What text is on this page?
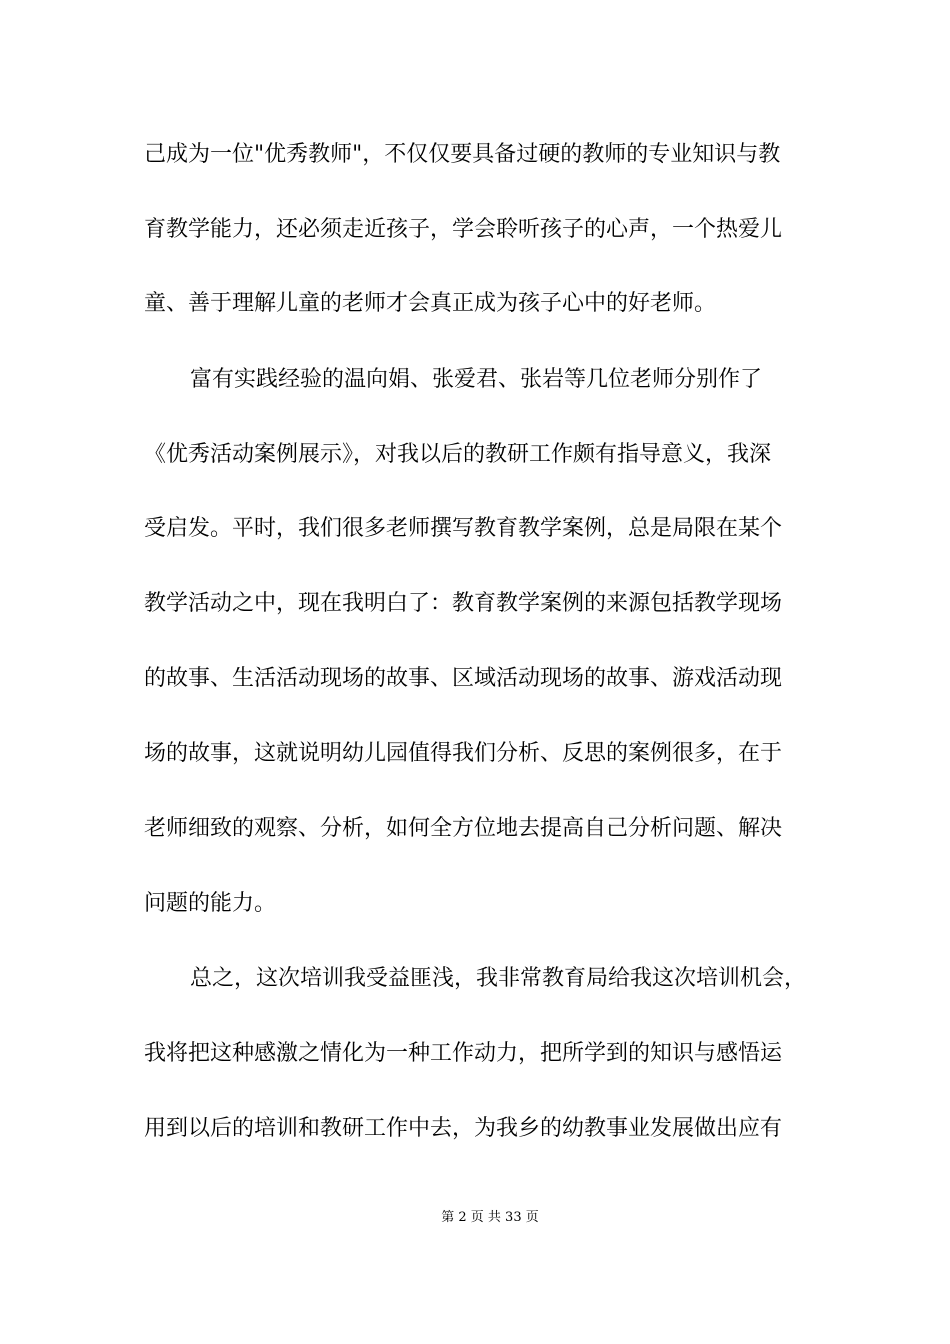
己成为一位"优秀教师"，不仅仅要具备过硬的教师的专业知识与教
育教学能力，还必须走近孩子，学会聆听孩子的心声，一个热爱儿
童、善于理解儿童的老师才会真正成为孩子心中的好老师。
富有实践经验的温向娟、张爱君、张岩等几位老师分别作了
《优秀活动案例展示》，对我以后的教研工作颇有指导意义，我深
受启发。平时，我们很多老师撰写教育教学案例，总是局限在某个
教学活动之中，现在我明白了：教育教学案例的来源包括教学现场
的故事、生活活动现场的故事、区域活动现场的故事、游戏活动现
场的故事，这就说明幼儿园值得我们分析、反思的案例很多，在于
老师细致的观察、分析，如何全方位地去提高自己分析问题、解决
问题的能力。
总之，这次培训我受益匪浅，我非常教育局给我这次培训机会，
我将把这种感激之情化为一种工作动力，把所学到的知识与感悟运
用到以后的培训和教研工作中去，为我乡的幼教事业发展做出应有
第 2 页 共 33 页
